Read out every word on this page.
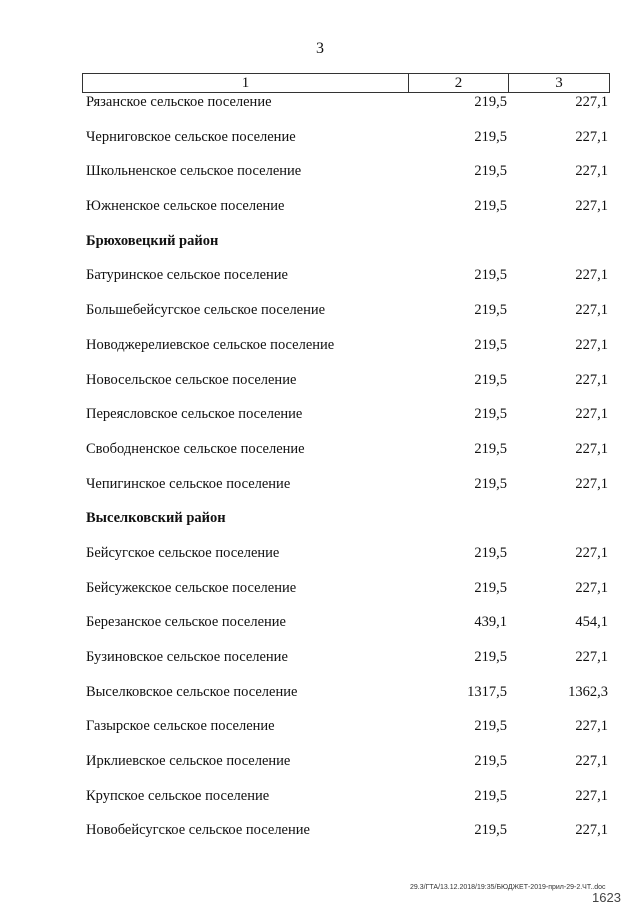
3
1	2	3
Рязанское сельское поселение	219,5	227,1
Черниговское сельское поселение	219,5	227,1
Школьненское сельское поселение	219,5	227,1
Южненское сельское поселение	219,5	227,1
Брюховецкий район
Батуринское сельское поселение	219,5	227,1
Большебейсугское сельское поселение	219,5	227,1
Новоджерелиевское сельское поселение	219,5	227,1
Новосельское сельское поселение	219,5	227,1
Переясловское сельское поселение	219,5	227,1
Свободненское сельское поселение	219,5	227,1
Чепигинское сельское поселение	219,5	227,1
Выселковский район
Бейсугское сельское поселение	219,5	227,1
Бейсужекское сельское поселение	219,5	227,1
Березанское сельское поселение	439,1	454,1
Бузиновское сельское поселение	219,5	227,1
Выселковское сельское поселение	1317,5	1362,3
Газырское сельское поселение	219,5	227,1
Ирклиевское сельское поселение	219,5	227,1
Крупское сельское поселение	219,5	227,1
Новобейсугское сельское поселение	219,5	227,1
29.3/ГТА/13.12.2018/19:35/БЮДЖЕТ-2019-прил-29-2.ЧТ..doc
1623
